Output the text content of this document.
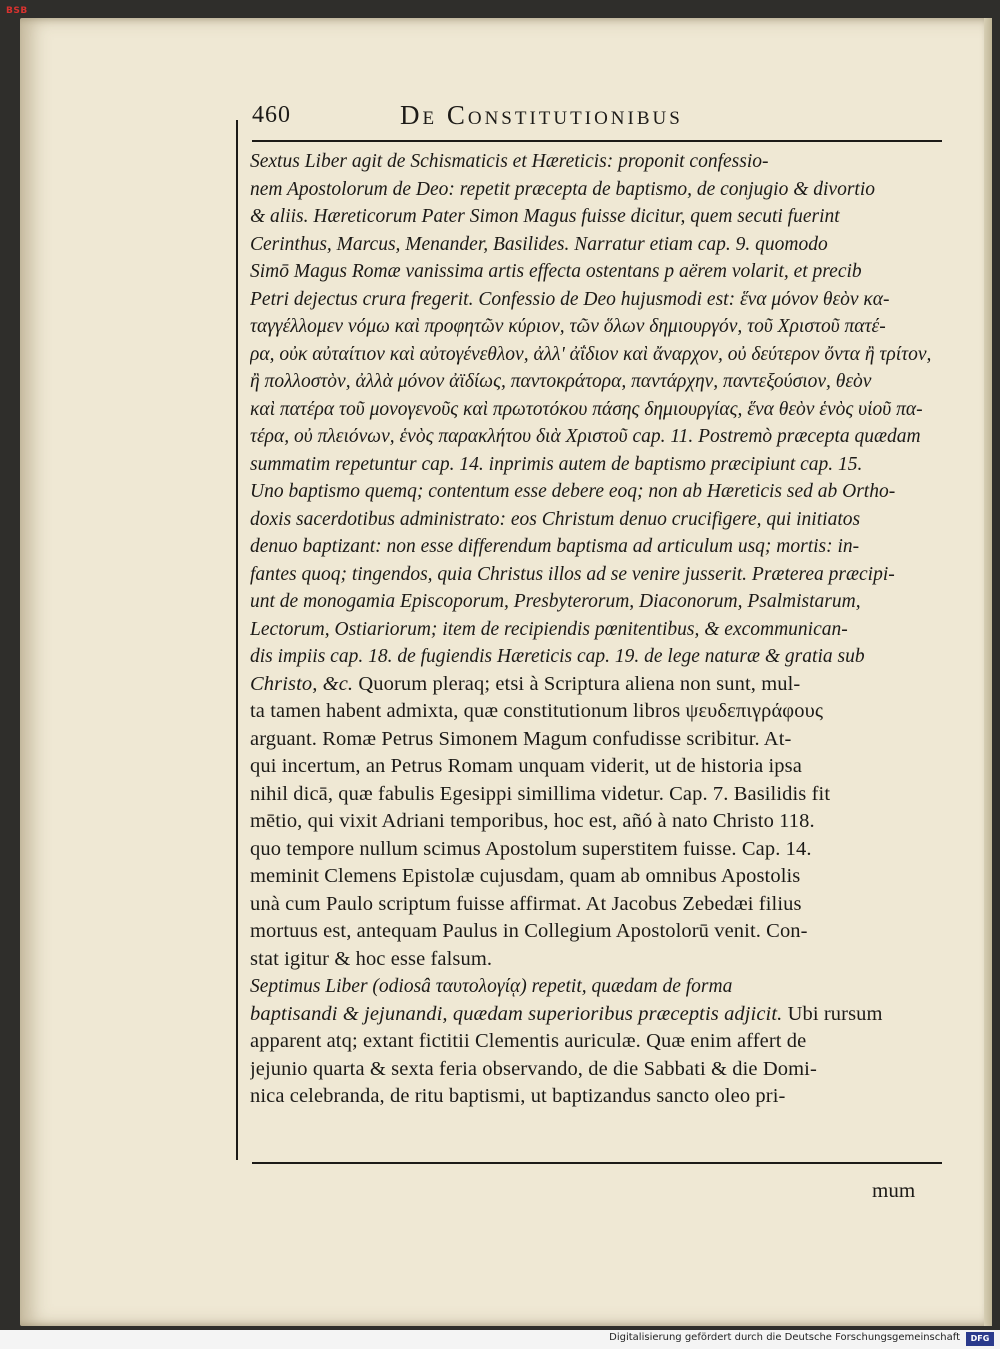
BSB
460	De Constitutionibus
Sextus Liber agit de Schismaticis et Hæreticis: proponit confessio-
nem Apostolorum de Deo: repetit præcepta de baptismo, de conjugio & divortio
& aliis. Hæreticorum Pater Simon Magus fuisse dicitur, quem secuti fuerint
Cerinthus, Marcus, Menander, Basilides. Narratur etiam cap. 9. quomodo
Simō Magus Romæ vanissima artis effecta ostentans p aërem volarit, et precib
Petri dejectus crura fregerit. Confessio de Deo hujusmodi est: ἕνα μόνον θεὸν κα-
ταγγέλλομεν νόμω καὶ προφητῶν κύριον, τῶν ὅλων δημιουργόν, τοῦ Χριστοῦ πατέ-
ρα, οὐκ αὐταίτιον καὶ αὐτογένεθλον, ἀλλ' ἀΐδιον καὶ ἄναρχον, οὐ δεύτερον ὄντα ἢ τρίτον,
ἢ πολλοστὸν, ἀλλὰ μόνον ἀϊδίως, παντοκράτορα, παντάρχην, παντεξούσιον, θεὸν
καὶ πατέρα τοῦ μονογενοῦς καὶ πρωτοτόκου πάσης δημιουργίας, ἕνα θεὸν ἑνὸς υἱοῦ πα-
τέρα, οὐ πλειόνων, ἑνὸς παρακλήτου διὰ Χριστοῦ cap. 11. Postremò præcepta quædam
summatim repetuntur cap. 14. inprimis autem de baptismo præcipiunt cap. 15.
Uno baptismo quemq; contentum esse debere eoq; non ab Hæreticis sed ab Ortho-
doxis sacerdotibus administrato: eos Christum denuo crucifigere, qui initiatos
denuo baptizant: non esse differendum baptisma ad articulum usq; mortis: in-
fantes quoq; tingendos, quia Christus illos ad se venire jusserit. Præterea præcipi-
unt de monogamia Episcoporum, Presbyterorum, Diaconorum, Psalmistarum,
Lectorum, Ostiariorum; item de recipiendis pœnitentibus, & excommunican-
dis impiis cap. 18. de fugiendis Hæreticis cap. 19. de lege naturæ & gratia sub
Christo, &c. Quorum pleraq; etsi à Scriptura aliena non sunt, mul-
ta tamen habent admixta, quæ constitutionum libros ψευδεπιγράφους
arguant. Romæ Petrus Simonem Magum confudisse scribitur. At-
qui incertum, an Petrus Romam unquam viderit, ut de historia ipsa
nihil dicā, quæ fabulis Egesippi simillima videtur. Cap. 7. Basilidis fit
mētio, qui vixit Adriani temporibus, hoc est, añó à nato Christo 118.
quo tempore nullum scimus Apostolum superstitem fuisse. Cap. 14.
meminit Clemens Epistolæ cujusdam, quam ab omnibus Apostolis
unà cum Paulo scriptum fuisse affirmat. At Jacobus Zebedæi filius
mortuus est, antequam Paulus in Collegium Apostolorū venit. Con-
stat igitur & hoc esse falsum.
Septimus Liber (odiosâ ταυτολογίᾳ) repetit, quædam de forma
baptisandi & jejunandi, quædam superioribus præceptis adjicit. Ubi rursum
apparent atq; extant fictitii Clementis auriculæ. Quæ enim affert de
jejunio quarta & sexta feria observando, de die Sabbati & die Domi-
nica celebranda, de ritu baptismi, ut baptizandus sancto oleo pri-
mum
Digitalisierung gefördert durch die Deutsche Forschungsgemeinschaft	DFG
